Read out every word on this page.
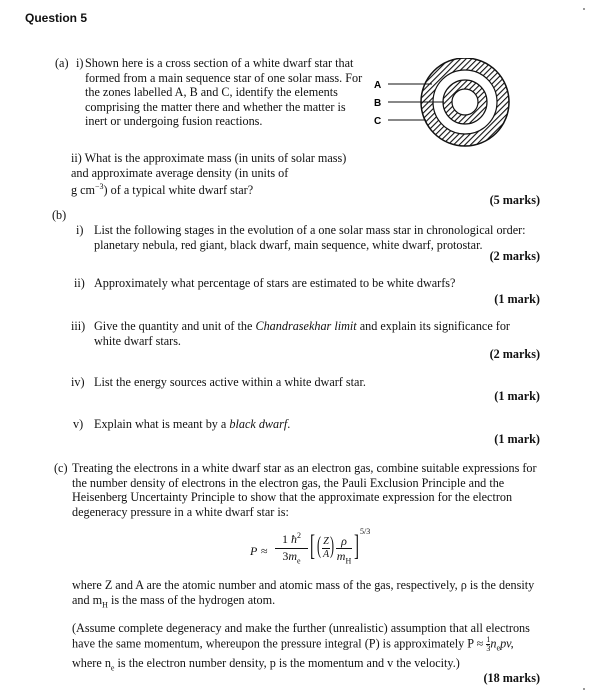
Question 5
(a) i) Shown here is a cross section of a white dwarf star that
formed from a main sequence star of one solar mass. For
the zones labelled A, B and C, identify the elements
comprising the matter there and whether the matter is
inert or undergoing fusion reactions.
ii) What is the approximate mass (in units of solar mass)
and approximate average density (in units of
g $cm^{-3}$) of a typical white dwarf star?
A
B
C
(5 marks)
(b)
i) List the following stages in the evolution of a one solar mass star in chronological order:
planetary nebula, red giant, black dwarf, main sequence, white dwarf, protostar.
(2 marks)
ii) Approximately what percentage of stars are estimated to be white dwarfs?
(1 mark)
iii) Give the quantity and unit of the Chandrasekhar limit and explain its significance for
white dwarf stars.
(2 marks)
iv) List the energy sources active within a white dwarf star.
(1 mark)
v) Explain what is meant by a black dwarf.
(1 mark)
(c) Treating the electrons in a white dwarf star as an electron gas, combine suitable expressions for
the number density of electrons in the electron gas, the Pauli Exclusion Principle and the
Heisenberg Uncertainty Principle to show that the approximate expression for the electron
degeneracy pressure in a white dwarf star is:
P ≈
1 $ħ^2$
$3m_e$ [ ( Z
A ) ρ
$m_H$ ] 5/3
where Z and A are the atomic number and atomic mass of the gas, respectively, ρ is the density
and $m_H$ is the mass of the hydrogen atom.
(Assume complete degeneracy and make the further (unrealistic) assumption that all electrons
have the same momentum, whereupon the pressure integral (P) is approximately $P \approx \frac{1}{3} n_epv$,
where $n_e$ is the electron number density, p is the momentum and v the velocity.)
(18 marks)
